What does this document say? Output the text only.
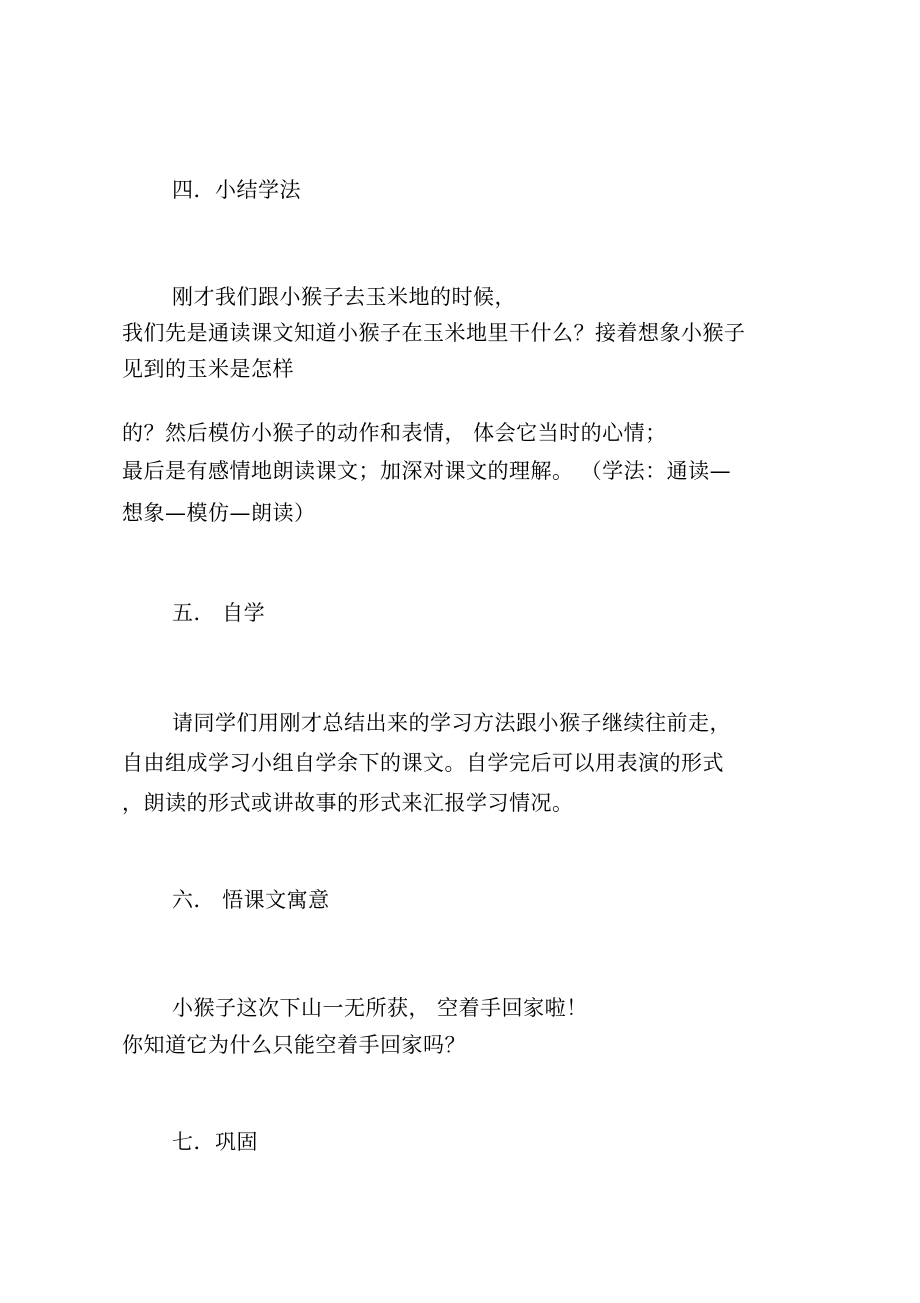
四．小结学法
刚才我们跟小猴子去玉米地的时候，
我们先是通读课文知道小猴子在玉米地里干什么？接着想象小猴子
见到的玉米是怎样
的？然后模仿小猴子的动作和表情， 体会它当时的心情；
最后是有感情地朗读课文；加深对课文的理解。 （学法：通读—
想象—模仿—朗读）
五． 自学
请同学们用刚才总结出来的学习方法跟小猴子继续往前走，
自由组成学习小组自学余下的课文。自学完后可以用表演的形式
，朗读的形式或讲故事的形式来汇报学习情况。
六． 悟课文寓意
小猴子这次下山一无所获， 空着手回家啦！
你知道它为什么只能空着手回家吗？
七．巩固
